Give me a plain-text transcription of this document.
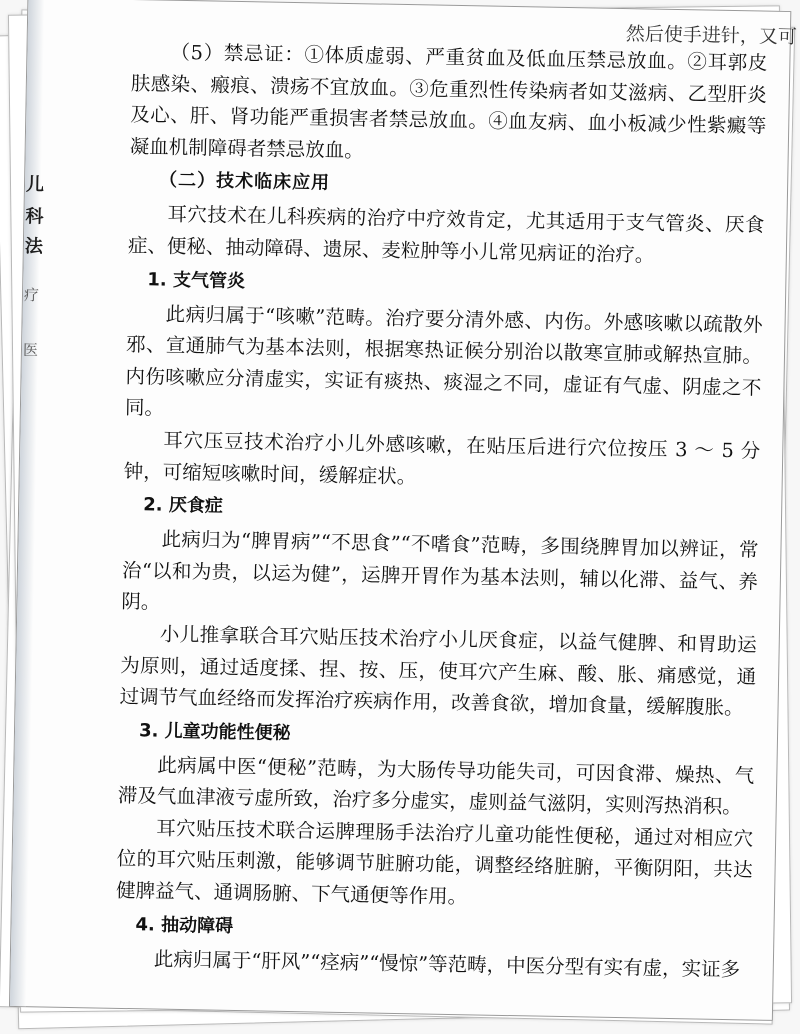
儿
科
法
疗
医
然后使手进针，又可

（5）禁忌证：①体质虚弱、严重贫血及低血压禁忌放血。②耳郭皮肤感染、瘢痕、溃疡不宜放血。③危重烈性传染病者如艾滋病、乙型肝炎及心、肝、肾功能严重损害者禁忌放血。④血友病、血小板减少性紫癜等凝血机制障碍者禁忌放血。

（二）技术临床应用

耳穴技术在儿科疾病的治疗中疗效肯定，尤其适用于支气管炎、厌食症、便秘、抽动障碍、遗尿、麦粒肿等小儿常见病证的治疗。

1. 支气管炎

此病归属于“咳嗽”范畴。治疗要分清外感、内伤。外感咳嗽以疏散外邪、宣通肺气为基本法则，根据寒热证候分别治以散寒宣肺或解热宣肺。内伤咳嗽应分清虚实，实证有痰热、痰湿之不同，虚证有气虚、阴虚之不同。

耳穴压豆技术治疗小儿外感咳嗽，在贴压后进行穴位按压 3 ～ 5 分钟，可缩短咳嗽时间，缓解症状。

2. 厌食症

此病归为“脾胃病”“不思食”“不嗜食”范畴，多围绕脾胃加以辨证，常治“以和为贵，以运为健”，运脾开胃作为基本法则，辅以化滞、益气、养阴。

小儿推拿联合耳穴贴压技术治疗小儿厌食症，以益气健脾、和胃助运为原则，通过适度揉、捏、按、压，使耳穴产生麻、酸、胀、痛感觉，通过调节气血经络而发挥治疗疾病作用，改善食欲，增加食量，缓解腹胀。

3. 儿童功能性便秘

此病属中医“便秘”范畴，为大肠传导功能失司，可因食滞、燥热、气滞及气血津液亏虚所致，治疗多分虚实，虚则益气滋阴，实则泻热消积。

耳穴贴压技术联合运脾理肠手法治疗儿童功能性便秘，通过对相应穴位的耳穴贴压刺激，能够调节脏腑功能，调整经络脏腑，平衡阴阳，共达健脾益气、通调肠腑、下气通便等作用。

4. 抽动障碍

此病归属于“肝风”“痉病”“慢惊”等范畴，中医分型有实有虚，实证多
